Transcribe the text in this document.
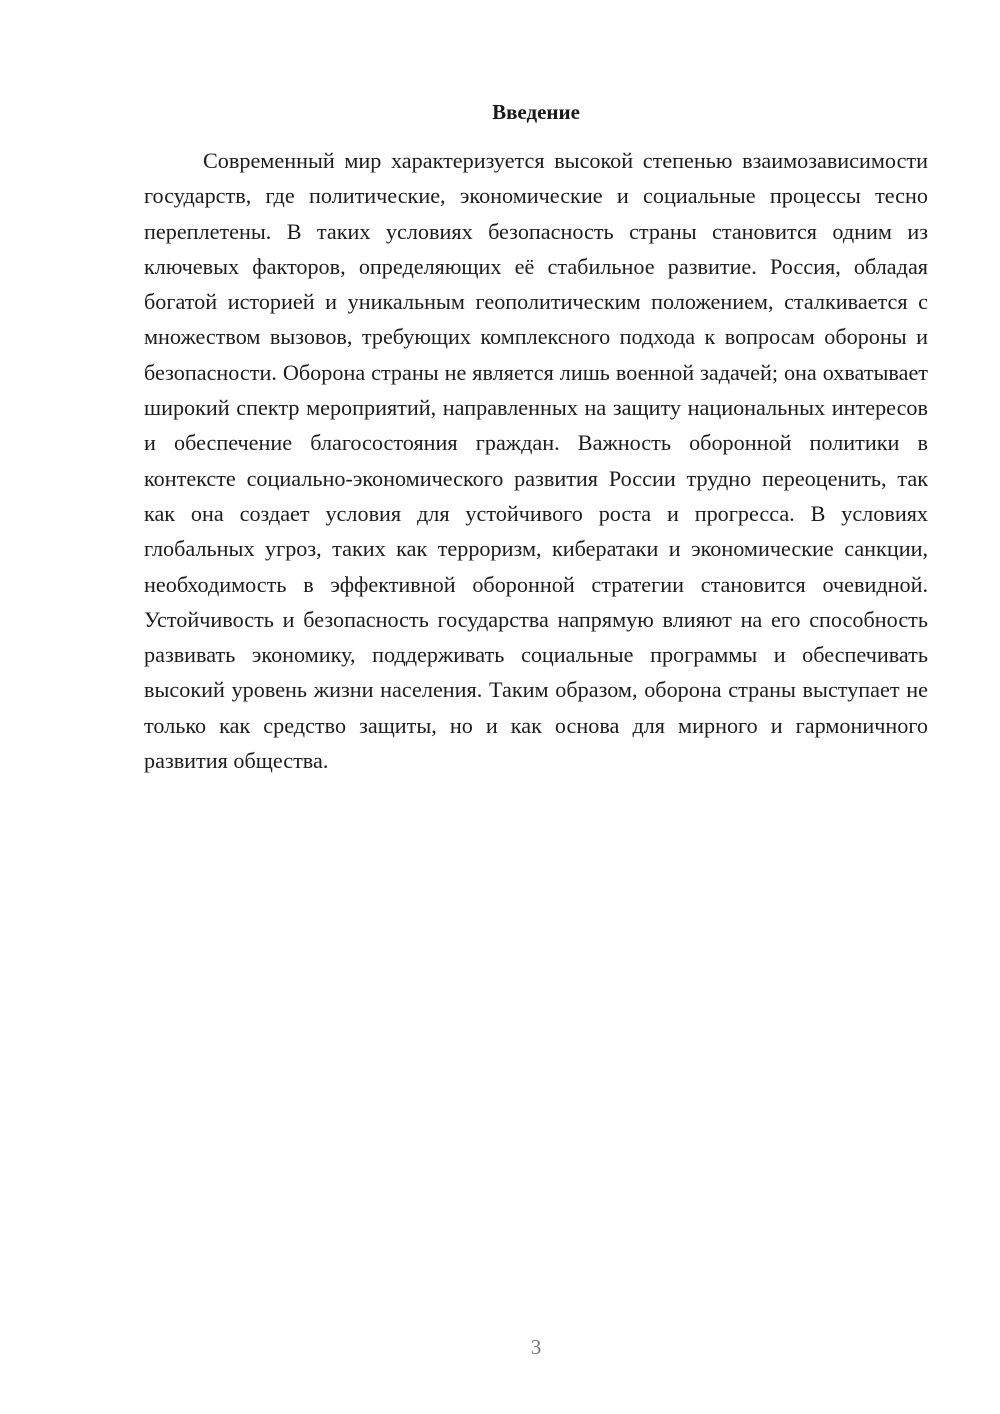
Введение

Современный мир характеризуется высокой степенью взаимозависимости государств, где политические, экономические и социальные процессы тесно переплетены. В таких условиях безопасность страны становится одним из ключевых факторов, определяющих её стабильное развитие. Россия, обладая богатой историей и уникальным геополитическим положением, сталкивается с множеством вызовов, требующих комплексного подхода к вопросам обороны и безопасности. Оборона страны не является лишь военной задачей; она охватывает широкий спектр мероприятий, направленных на защиту национальных интересов и обеспечение благосостояния граждан. Важность оборонной политики в контексте социально-экономического развития России трудно переоценить, так как она создает условия для устойчивого роста и прогресса. В условиях глобальных угроз, таких как терроризм, кибератаки и экономические санкции, необходимость в эффективной оборонной стратегии становится очевидной. Устойчивость и безопасность государства напрямую влияют на его способность развивать экономику, поддерживать социальные программы и обеспечивать высокий уровень жизни населения. Таким образом, оборона страны выступает не только как средство защиты, но и как основа для мирного и гармоничного развития общества.

3
